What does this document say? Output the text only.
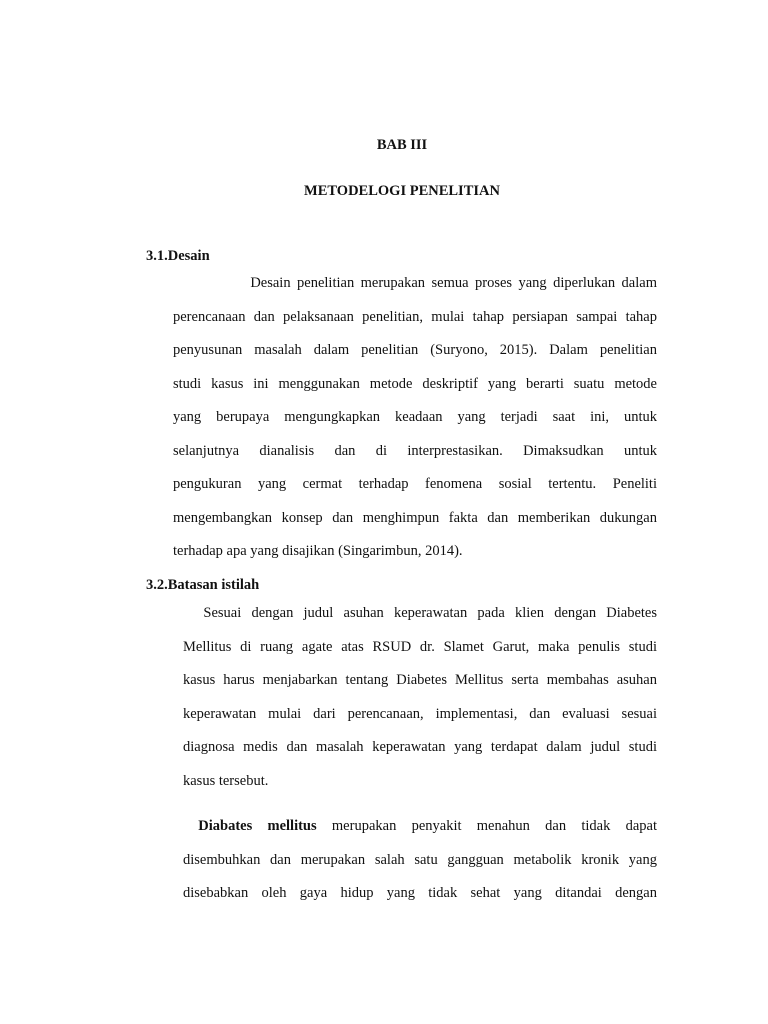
BAB III

METODELOGI PENELITIAN

3.1.Desain

Desain penelitian merupakan semua proses yang diperlukan dalam
perencanaan dan pelaksanaan penelitian, mulai tahap persiapan sampai tahap
penyusunan masalah dalam penelitian (Suryono, 2015). Dalam penelitian
studi kasus ini menggunakan metode deskriptif yang berarti suatu metode
yang berupaya mengungkapkan keadaan yang terjadi saat ini, untuk
selanjutnya dianalisis dan di interprestasikan. Dimaksudkan untuk
pengukuran yang cermat terhadap fenomena sosial tertentu. Peneliti
mengembangkan konsep dan menghimpun fakta dan memberikan dukungan
terhadap apa yang disajikan (Singarimbun, 2014).

3.2.Batasan istilah

Sesuai dengan judul asuhan keperawatan pada klien dengan Diabetes
Mellitus di ruang agate atas RSUD dr. Slamet Garut, maka penulis studi
kasus harus menjabarkan tentang Diabetes Mellitus serta membahas asuhan
keperawatan mulai dari perencanaan, implementasi, dan evaluasi sesuai
diagnosa medis dan masalah keperawatan yang terdapat dalam judul studi
kasus tersebut.
Diabates mellitus merupakan penyakit menahun dan tidak dapat
disembuhkan dan merupakan salah satu gangguan metabolik kronik yang
disebabkan oleh gaya hidup yang tidak sehat yang ditandai dengan
